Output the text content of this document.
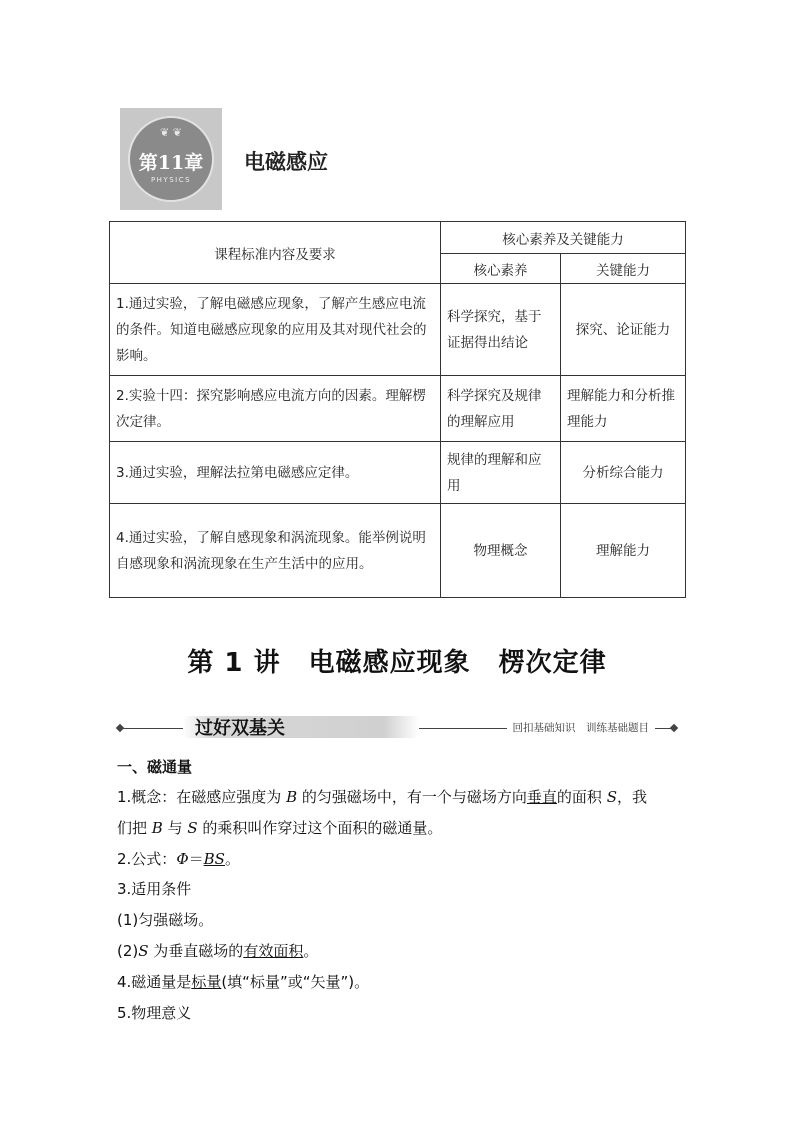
❦ ❦
第11章
PHYSICS
电磁感应
课程标准内容及要求	核心素养及关键能力	
	核心素养	关键能力
1.通过实验，了解电磁感应现象，了解产生感应电流的条件。知道电磁感应现象的应用及其对现代社会的影响。	科学探究，基于证据得出结论	探究、论证能力
2.实验十四：探究影响感应电流方向的因素。理解楞次定律。	科学探究及规律的理解应用	理解能力和分析推理能力
3.通过实验，理解法拉第电磁感应定律。	规律的理解和应用	分析综合能力
4.通过实验，了解自感现象和涡流现象。能举例说明自感现象和涡流现象在生产生活中的应用。	物理概念	理解能力
第 1 讲 电磁感应现象 楞次定律
过好双基关	回扣基础知识　训练基础题目
一、磁通量
1.概念：在磁感应强度为 B 的匀强磁场中，有一个与磁场方向垂直的面积 S，我
们把 B 与 S 的乘积叫作穿过这个面积的磁通量。
2.公式：Φ＝BS。
3.适用条件
(1)匀强磁场。
(2)S 为垂直磁场的有效面积。
4.磁通量是标量(填“标量”或“矢量”)。
5.物理意义
